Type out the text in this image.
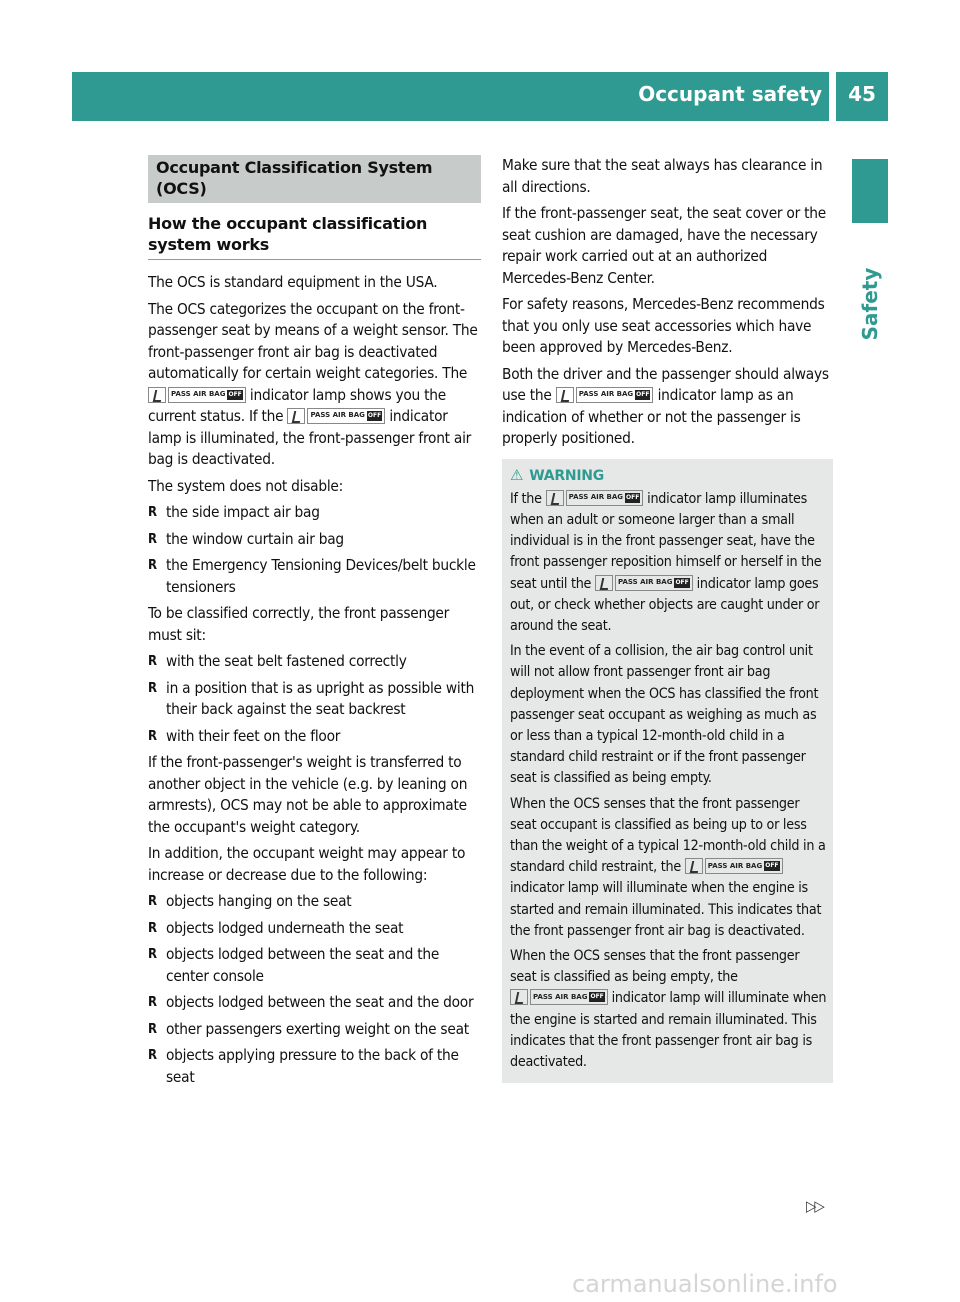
Occupant safety	45
Safety
Occupant Classification System (OCS)
How the occupant classification system works

The OCS is standard equipment in the USA.

The OCS categorizes the occupant on the front-passenger seat by means of a weight sensor. The front-passenger front air bag is deactivated automatically for certain weight categories. The
PASS AIR BAG OFF indicator lamp shows you the current status. If the	PASS AIR BAG OFF indicator lamp is illuminated, the front-passenger front air bag is deactivated.

The system does not disable:

R the side impact air bag
R the window curtain air bag
R the Emergency Tensioning Devices/belt buckle tensioners

To be classified correctly, the front passenger must sit:

R with the seat belt fastened correctly
R in a position that is as upright as possible with their back against the seat backrest
R with their feet on the floor

If the front-passenger's weight is transferred to another object in the vehicle (e.g. by leaning on armrests), OCS may not be able to approximate the occupant's weight category.

In addition, the occupant weight may appear to increase or decrease due to the following:

R objects hanging on the seat
R objects lodged underneath the seat
R objects lodged between the seat and the center console
R objects lodged between the seat and the door
R other passengers exerting weight on the seat
R objects applying pressure to the back of the seat

Make sure that the seat always has clearance in all directions.

If the front-passenger seat, the seat cover or the seat cushion are damaged, have the necessary repair work carried out at an authorized Mercedes-Benz Center.

For safety reasons, Mercedes-Benz recommends that you only use seat accessories which have been approved by Mercedes-Benz.

Both the driver and the passenger should always use the	PASS AIR BAG OFF indicator lamp as an indication of whether or not the passenger is properly positioned.

⚠ WARNING

If the	PASS AIR BAG OFF indicator lamp illuminates when an adult or someone larger than a small individual is in the front passenger seat, have the front passenger reposition himself or herself in the seat until the	PASS AIR BAG OFF indicator lamp goes out, or check whether objects are caught under or around the seat.

In the event of a collision, the air bag control unit will not allow front passenger front air bag deployment when the OCS has classified the front passenger seat occupant as weighing as much as or less than a typical 12-month-old child in a standard child restraint or if the front passenger seat is classified as being empty.

When the OCS senses that the front passenger seat occupant is classified as being up to or less than the weight of a typical 12-month-old child in a standard child restraint, the	PASS AIR BAG OFF
indicator lamp will illuminate when the engine is started and remain illuminated. This indicates that the front passenger front air bag is deactivated.

When the OCS senses that the front passenger seat is classified as being empty, the
PASS AIR BAG OFF indicator lamp will illuminate when the engine is started and remain illuminated. This indicates that the front passenger front air bag is deactivated.

▷▷
carmanualsonline.info
